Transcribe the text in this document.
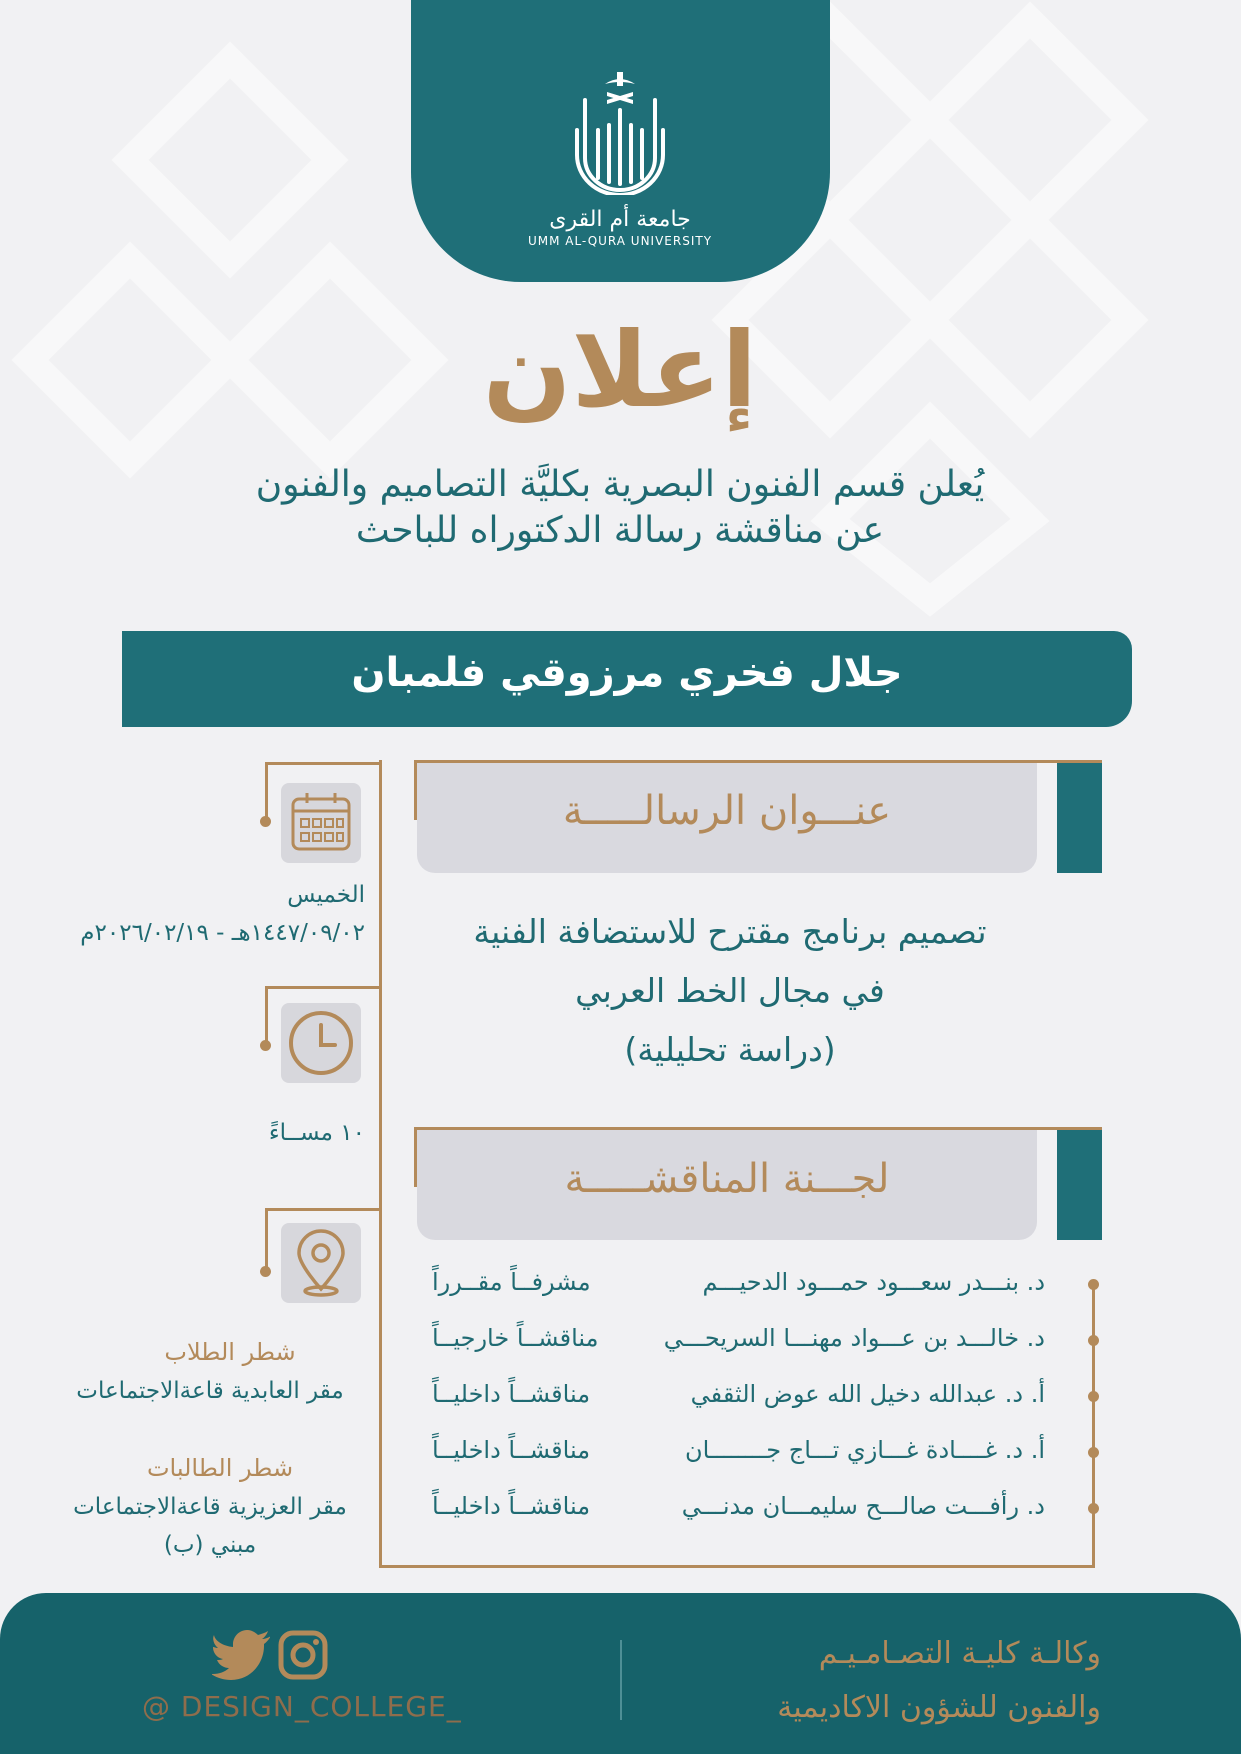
جامعة أم القرى
UMM AL-QURA UNIVERSITY
إعلان
يُعلن قسم الفنون البصرية بكليَّة التصاميم والفنون
عن مناقشة رسالة الدكتوراه للباحث
جلال فخري مرزوقي فلمبان
عنـــوان الرسالـــــة
تصميم برنامج مقترح للاستضافة الفنية
في مجال الخط العربي
(دراسة تحليلية)
لجـــنة المناقشـــــة
د. بنـــدر سعـــود حمـــود الدحيـــم
مشرفــاً مقــرراً
د. خالـــد بن عـــواد مهنـــا السريحـــي
مناقشــاً خارجيــاً
أ. د. عبدالله دخيل الله عوض الثقفي
مناقشــاً داخليــاً
أ. د. غــــادة غـــازي تـــاج جــــــــان
مناقشــاً داخليــاً
د. رأفـــت صالـــح سليمـــان مدنـــي
مناقشــاً داخليــاً
الخميس
١٤٤٧/٠٩/٠٢هـ - ٢٠٢٦/٠٢/١٩م
١٠ مســاءً
شطر الطلاب
مقر العابدية قاعةالاجتماعات
شطر الطالبات
مقر العزيزية قاعةالاجتماعات
مبني (ب)
وكالـة كليـة التصـامـيـم
والفنون للشؤون الاكاديمية
@ DESIGN_COLLEGE_
